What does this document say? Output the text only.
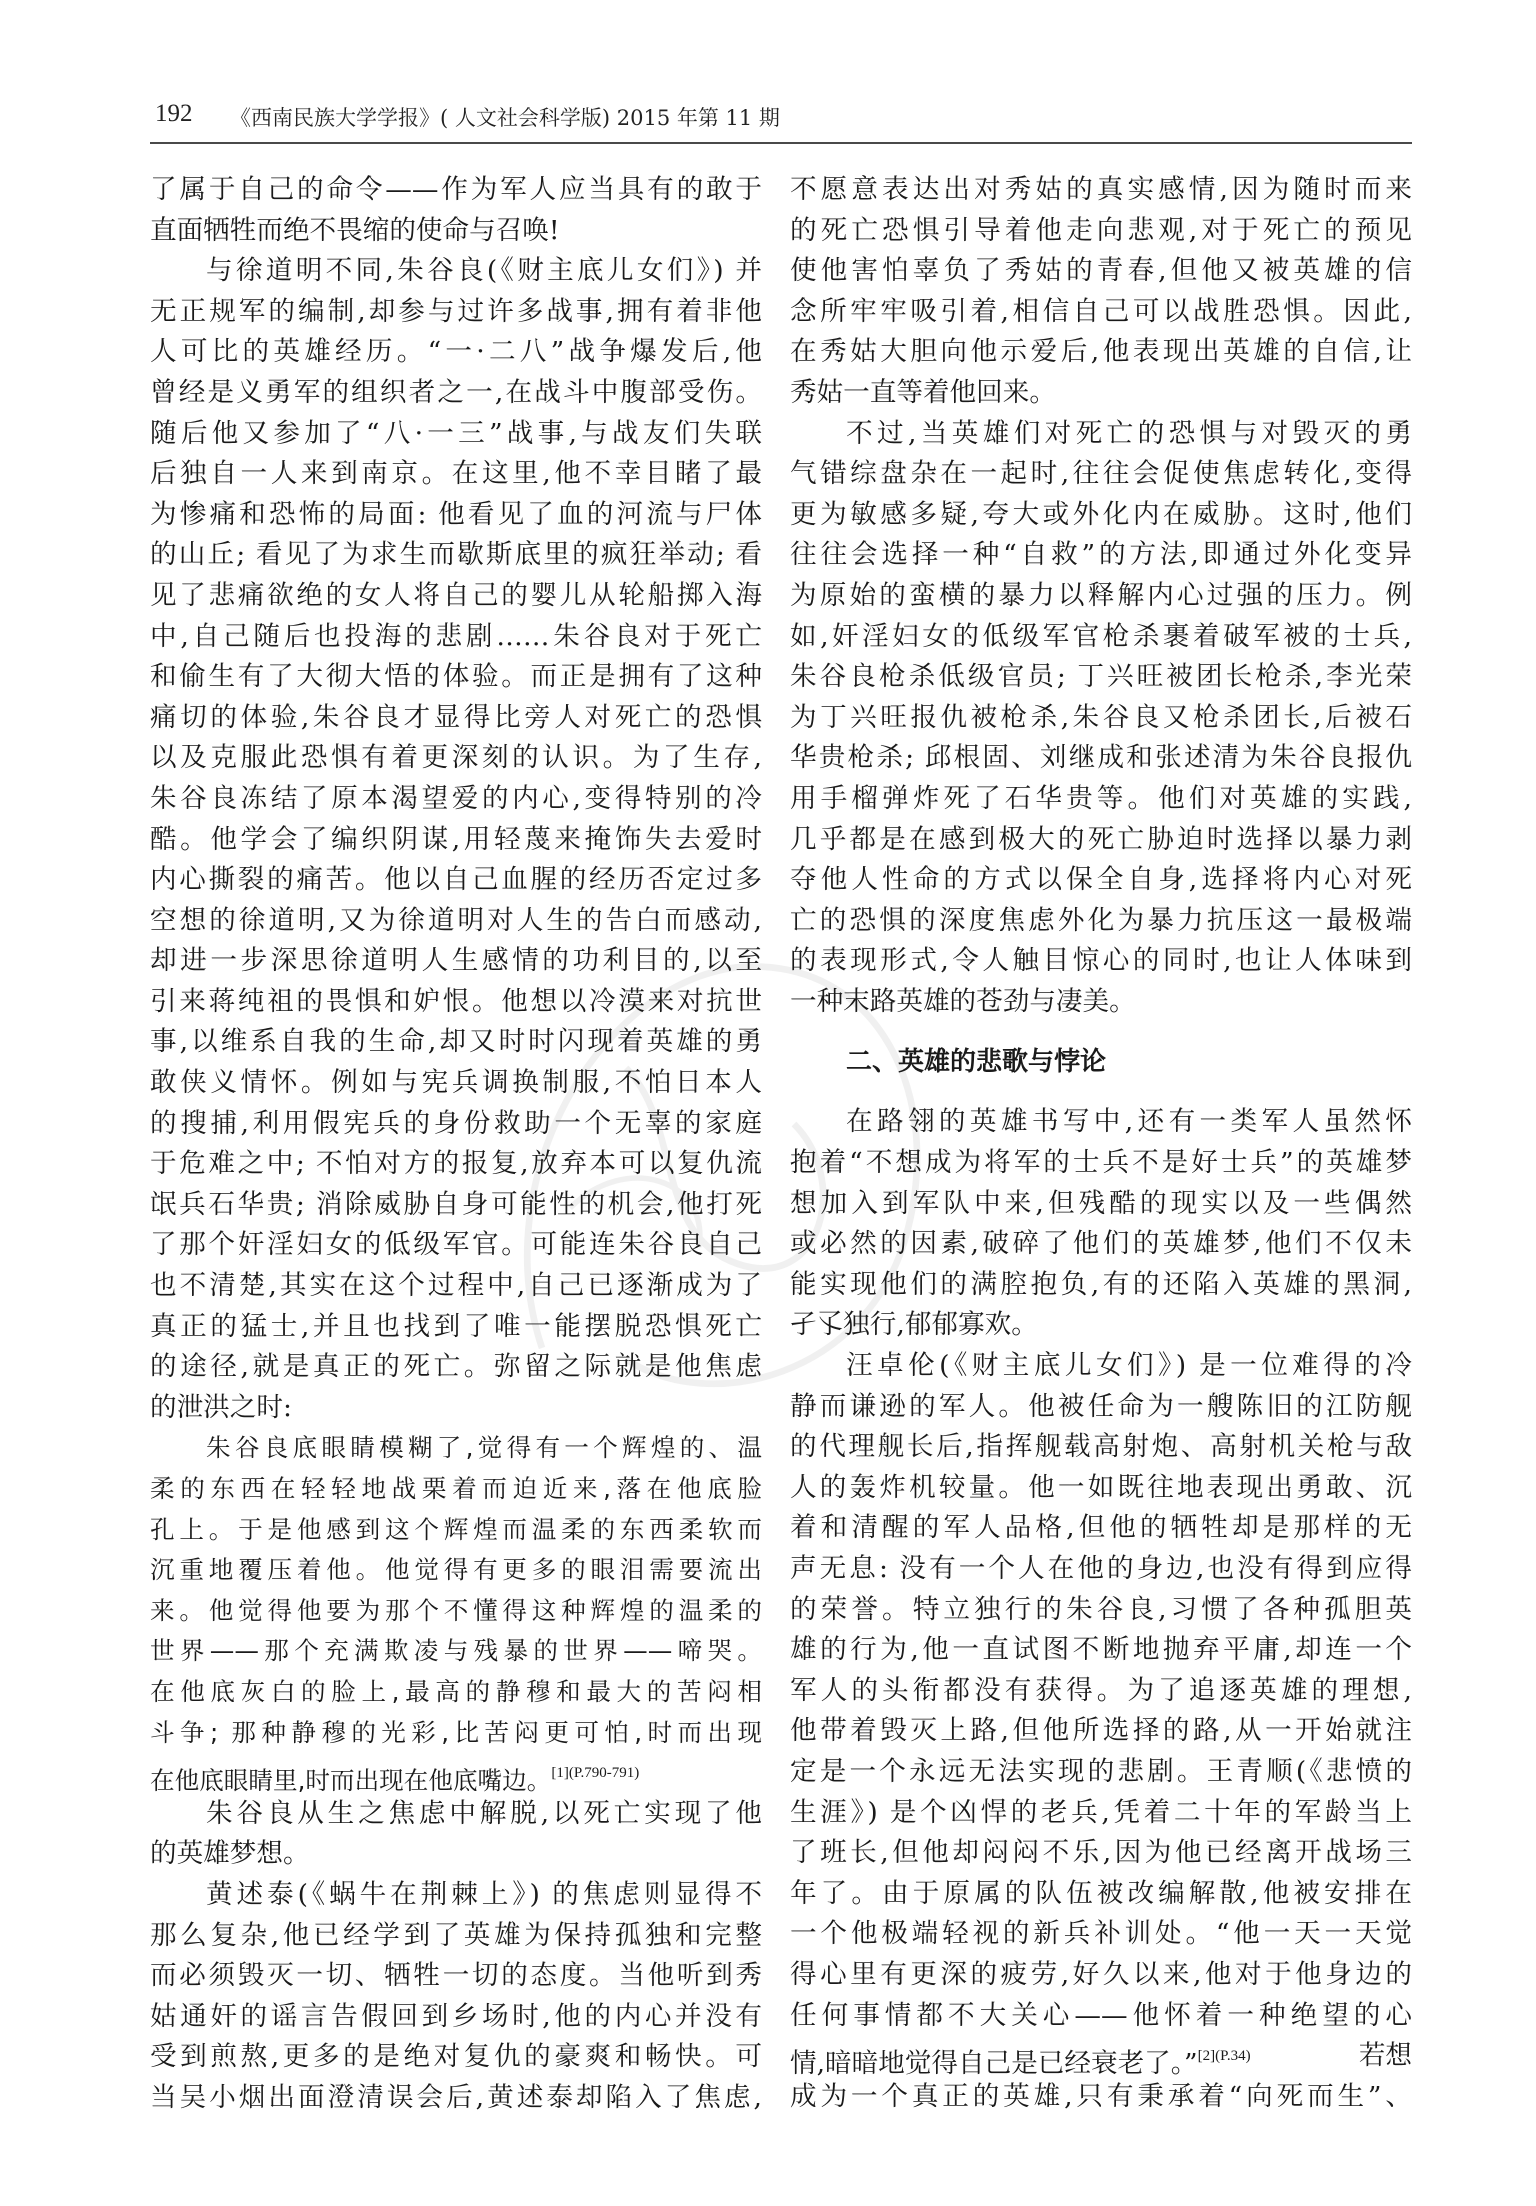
192 《西南民族大学学报》( 人文社会科学版) 2015 年第 11 期
了属于自己的命令——作为军人应当具有的敢于
直面牺牲而绝不畏缩的使命与召唤!
与徐道明不同,朱谷良(《财主底儿女们》) 并
无正规军的编制,却参与过许多战事,拥有着非他
人可比的英雄经历。“一·二八”战争爆发后,他
曾经是义勇军的组织者之一,在战斗中腹部受伤。
随后他又参加了“八·一三”战事,与战友们失联
后独自一人来到南京。在这里,他不幸目睹了最
为惨痛和恐怖的局面: 他看见了血的河流与尸体
的山丘; 看见了为求生而歇斯底里的疯狂举动; 看
见了悲痛欲绝的女人将自己的婴儿从轮船掷入海
中,自己随后也投海的悲剧……朱谷良对于死亡
和偷生有了大彻大悟的体验。而正是拥有了这种
痛切的体验,朱谷良才显得比旁人对死亡的恐惧
以及克服此恐惧有着更深刻的认识。为了生存,
朱谷良冻结了原本渴望爱的内心,变得特别的冷
酷。他学会了编织阴谋,用轻蔑来掩饰失去爱时
内心撕裂的痛苦。他以自己血腥的经历否定过多
空想的徐道明,又为徐道明对人生的告白而感动,
却进一步深思徐道明人生感情的功利目的,以至
引来蒋纯祖的畏惧和妒恨。他想以冷漠来对抗世
事,以维系自我的生命,却又时时闪现着英雄的勇
敢侠义情怀。例如与宪兵调换制服,不怕日本人
的搜捕,利用假宪兵的身份救助一个无辜的家庭
于危难之中; 不怕对方的报复,放弃本可以复仇流
氓兵石华贵; 消除威胁自身可能性的机会,他打死
了那个奸淫妇女的低级军官。可能连朱谷良自己
也不清楚,其实在这个过程中,自己已逐渐成为了
真正的猛士,并且也找到了唯一能摆脱恐惧死亡
的途径,就是真正的死亡。弥留之际就是他焦虑
的泄洪之时:
朱谷良底眼睛模糊了,觉得有一个辉煌的、温
柔的东西在轻轻地战栗着而迫近来,落在他底脸
孔上。于是他感到这个辉煌而温柔的东西柔软而
沉重地覆压着他。他觉得有更多的眼泪需要流出
来。他觉得他要为那个不懂得这种辉煌的温柔的
世界——那个充满欺凌与残暴的世界——啼哭。
在他底灰白的脸上,最高的静穆和最大的苦闷相
斗争; 那种静穆的光彩,比苦闷更可怕,时而出现
在他底眼睛里,时而出现在他底嘴边。$^{[1](P.790-791)}$
朱谷良从生之焦虑中解脱,以死亡实现了他
的英雄梦想。
黄述泰(《蜗牛在荆棘上》) 的焦虑则显得不
那么复杂,他已经学到了英雄为保持孤独和完整
而必须毁灭一切、牺牲一切的态度。当他听到秀
姑通奸的谣言告假回到乡场时,他的内心并没有
受到煎熬,更多的是绝对复仇的豪爽和畅快。可
当吴小烟出面澄清误会后,黄述泰却陷入了焦虑,
不愿意表达出对秀姑的真实感情,因为随时而来
的死亡恐惧引导着他走向悲观,对于死亡的预见
使他害怕辜负了秀姑的青春,但他又被英雄的信
念所牢牢吸引着,相信自己可以战胜恐惧。因此,
在秀姑大胆向他示爱后,他表现出英雄的自信,让
秀姑一直等着他回来。
不过,当英雄们对死亡的恐惧与对毁灭的勇
气错综盘杂在一起时,往往会促使焦虑转化,变得
更为敏感多疑,夸大或外化内在威胁。这时,他们
往往会选择一种“自救”的方法,即通过外化变异
为原始的蛮横的暴力以释解内心过强的压力。例
如,奸淫妇女的低级军官枪杀裹着破军被的士兵,
朱谷良枪杀低级官员; 丁兴旺被团长枪杀,李光荣
为丁兴旺报仇被枪杀,朱谷良又枪杀团长,后被石
华贵枪杀; 邱根固、刘继成和张述清为朱谷良报仇
用手榴弹炸死了石华贵等。他们对英雄的实践,
几乎都是在感到极大的死亡胁迫时选择以暴力剥
夺他人性命的方式以保全自身,选择将内心对死
亡的恐惧的深度焦虑外化为暴力抗压这一最极端
的表现形式,令人触目惊心的同时,也让人体味到
一种末路英雄的苍劲与凄美。
二、英雄的悲歌与悖论
在路翎的英雄书写中,还有一类军人虽然怀
抱着“不想成为将军的士兵不是好士兵”的英雄梦
想加入到军队中来,但残酷的现实以及一些偶然
或必然的因素,破碎了他们的英雄梦,他们不仅未
能实现他们的满腔抱负,有的还陷入英雄的黑洞,
孑孓独行,郁郁寡欢。
汪卓伦(《财主底儿女们》) 是一位难得的冷
静而谦逊的军人。他被任命为一艘陈旧的江防舰
的代理舰长后,指挥舰载高射炮、高射机关枪与敌
人的轰炸机较量。他一如既往地表现出勇敢、沉
着和清醒的军人品格,但他的牺牲却是那样的无
声无息: 没有一个人在他的身边,也没有得到应得
的荣誉。特立独行的朱谷良,习惯了各种孤胆英
雄的行为,他一直试图不断地抛弃平庸,却连一个
军人的头衔都没有获得。为了追逐英雄的理想,
他带着毁灭上路,但他所选择的路,从一开始就注
定是一个永远无法实现的悲剧。王青顺(《悲愤的
生涯》) 是个凶悍的老兵,凭着二十年的军龄当上
了班长,但他却闷闷不乐,因为他已经离开战场三
年了。由于原属的队伍被改编解散,他被安排在
一个他极端轻视的新兵补训处。“他一天一天觉
得心里有更深的疲劳,好久以来,他对于他身边的
任何事情都不大关心——他怀着一种绝望的心
情,暗暗地觉得自己是已经衰老了。”$^{[2](P.34)}$	若想
成为一个真正的英雄,只有秉承着“向死而生”、
